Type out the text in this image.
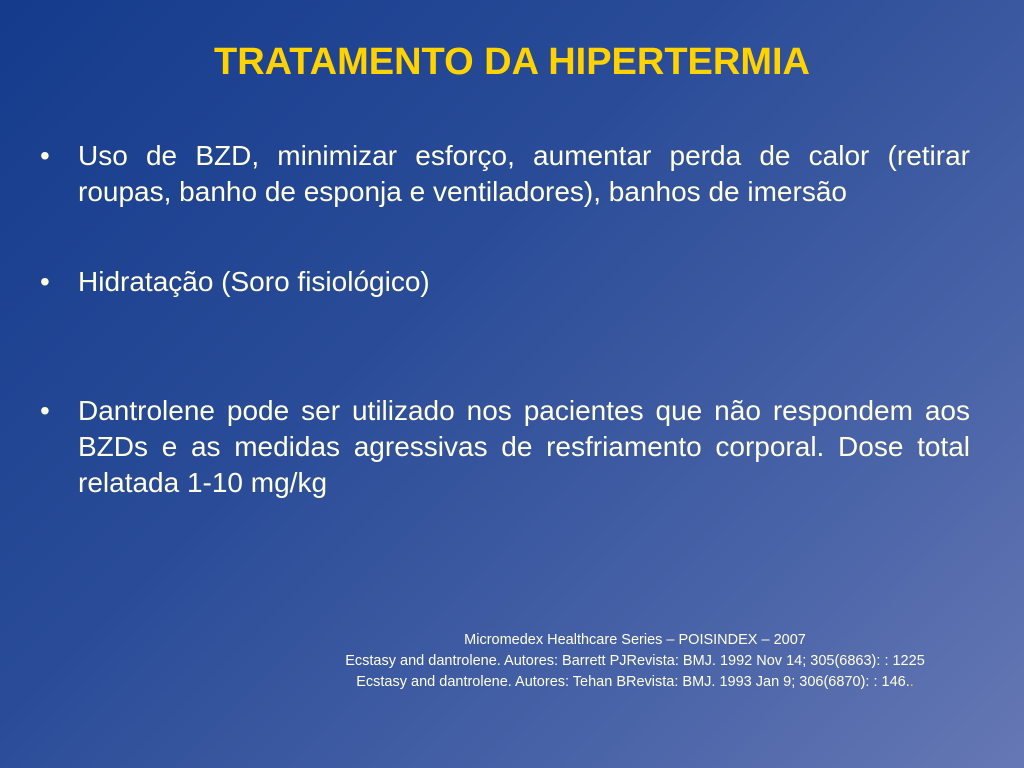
TRATAMENTO DA HIPERTERMIA
•	Uso de BZD, minimizar esforço, aumentar perda de calor (retirar roupas, banho de esponja e ventiladores), banhos de imersão
•	Hidratação (Soro fisiológico)
•	Dantrolene pode ser utilizado nos pacientes que não respondem aos BZDs e as medidas agressivas de resfriamento corporal. Dose total relatada 1-10 mg/kg
Micromedex Healthcare Series – POISINDEX – 2007
Ecstasy and dantrolene. Autores: Barrett PJRevista: BMJ. 1992 Nov 14; 305(6863): : 1225
Ecstasy and dantrolene. Autores: Tehan BRevista: BMJ. 1993 Jan 9; 306(6870): : 146..
